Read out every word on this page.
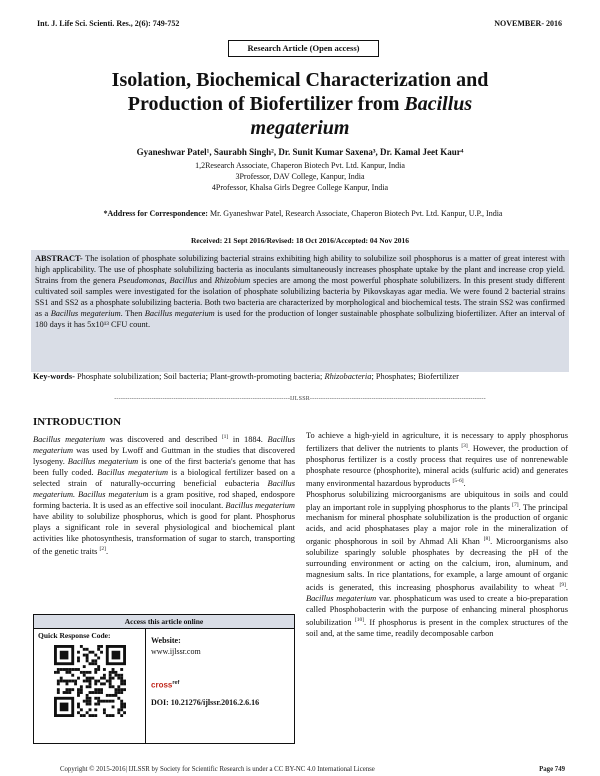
Int. J. Life Sci. Scienti. Res., 2(6): 749-752	NOVEMBER- 2016
Research Article (Open access)
Isolation, Biochemical Characterization and
Production of Biofertilizer from Bacillus
megaterium
Gyaneshwar Patel¹, Saurabh Singh², Dr. Sunit Kumar Saxena³, Dr. Kamal Jeet Kaur⁴
1,2Research Associate, Chaperon Biotech Pvt. Ltd. Kanpur, India
3Professor, DAV College, Kanpur, India
4Professor, Khalsa Girls Degree College Kanpur, India
*Address for Correspondence: Mr. Gyaneshwar Patel, Research Associate, Chaperon Biotech Pvt. Ltd. Kanpur, U.P., India
Received: 21 Sept 2016/Revised: 18 Oct 2016/Accepted: 04 Nov 2016
ABSTRACT- The isolation of phosphate solubilizing bacterial strains exhibiting high ability to solubilize soil phosphorus is a matter of great interest with high applicability. The use of phosphate solubilizing bacteria as inoculants simultaneously increases phosphate uptake by the plant and increase crop yield. Strains from the genera Pseudomonas, Bacillus and Rhizobium species are among the most powerful phosphate solubilizers. In this present study different cultivated soil samples were investigated for the isolation of phosphate solubilizing bacteria by Pikovskayas agar media. We were found 2 bacterial strains SS1 and SS2 as a phosphate solubilizing bacteria. Both two bacteria are characterized by morphological and biochemical tests. The strain SS2 was confirmed as a Bacillus megaterium. Then Bacillus megaterium is used for the production of longer sustainable phosphate solbulizing biofertilizer. After an interval of 180 days it has 5x10¹³ CFU count.
Key-words- Phosphate solubilization; Soil bacteria; Plant-growth-promoting bacteria; Rhizobacteria; Phosphates; Biofertilizer
--------------------------------------------------------------------------------IJLSSR--------------------------------------------------------------------------------
INTRODUCTION
Bacillus megaterium was discovered and described [1] in 1884. Bacillus megaterium was used by Lwoff and Guttman in the studies that discovered lysogeny. Bacillus megaterium is one of the first bacteria's genome that has been fully coded. Bacillus megaterium is a biological fertilizer based on a selected strain of naturally-occurring beneficial eubacteria Bacillus megaterium. Bacillus megaterium is a gram positive, rod shaped, endospore forming bacteria. It is used as an effective soil inoculant. Bacillus megaterium have ability to solubilize phosphorus, which is good for plant. Phosphorus plays a significant role in several physiological and biochemical plant activities like photosynthesis, transformation of sugar to starch, transporting of the genetic traits [2].
To achieve a high-yield in agriculture, it is necessary to apply phosphorus fertilizers that deliver the nutrients to plants [3]. However, the production of phosphorus fertilizer is a costly process that requires use of nonrenewable phosphate resource (phosphorite), mineral acids (sulfuric acid) and generates many environmental hazardous byproducts [5-6].
Phosphorus solubilizing microorganisms are ubiquitous in soils and could play an important role in supplying phosphorus to the plants [7]. The principal mechanism for mineral phosphate solubilization is the production of organic acids, and acid phosphatases play a major role in the mineralization of organic phosphorous in soil by Ahmad Ali Khan [8]. Microorganisms also solubilize sparingly soluble phosphates by decreasing the pH of the surrounding environment or acting on the calcium, iron, aluminum, and magnesium salts. In rice plantations, for example, a large amount of organic acids is generated, this increasing phosphorus availability to wheat [9]. Bacillus megaterium var. phosphaticum was used to create a bio-preparation called Phosphobacterin with the purpose of enhancing mineral phosphorus solubilization [10]. If phosphorus is present in the complex structures of the soil and, at the same time, readily decomposable carbon
Access this article online
Quick Response Code:
Website:
www.ijlssr.com
cross$^{ref}$
DOI: 10.21276/ijlssr.2016.2.6.16
Copyright © 2015-2016| IJLSSR by Society for Scientific Research is under a CC BY-NC 4.0 International License	Page 749
